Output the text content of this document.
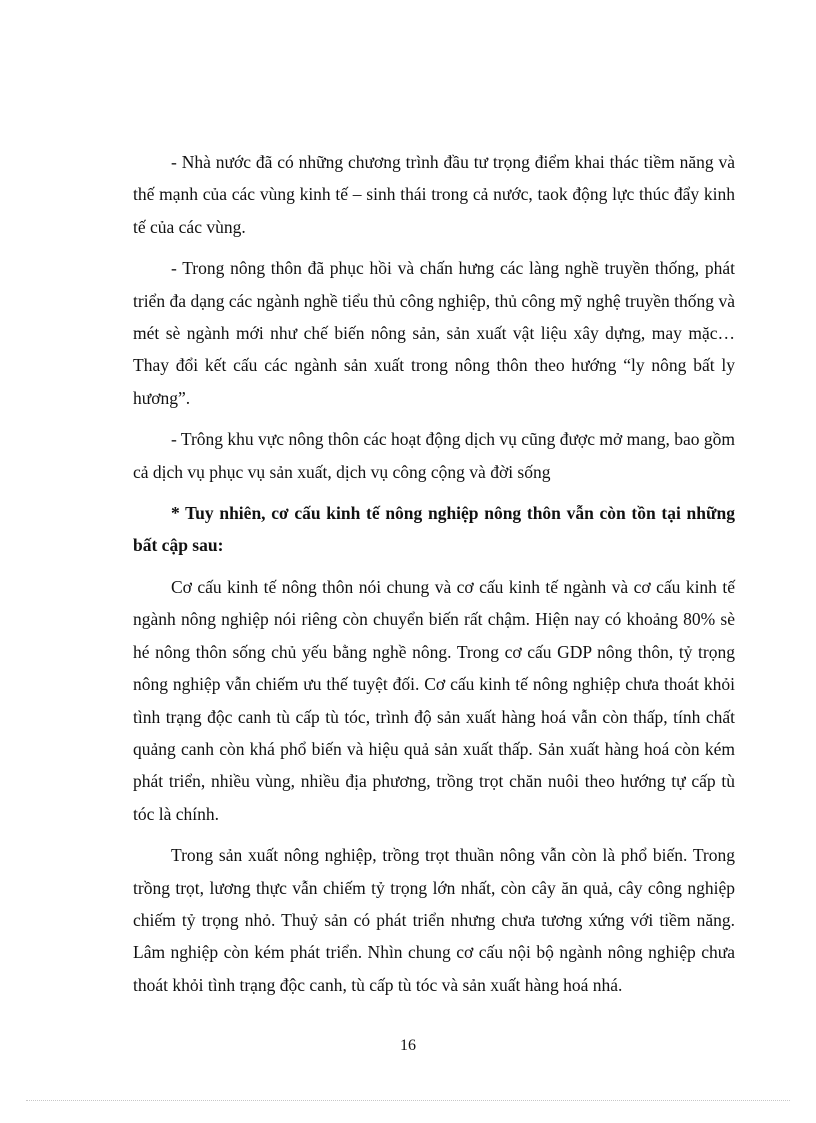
- Nhà nước đã có những chương trình đầu tư trọng điểm khai thác tiềm năng và thế mạnh của các vùng kinh tế – sinh thái trong cả nước, taok động lực thúc đẩy kinh tế của các vùng.

- Trong nông thôn đã phục hồi và chấn hưng các làng nghề truyền thống, phát triển đa dạng các ngành nghề tiểu thủ công nghiệp, thủ công mỹ nghệ truyền thống và mét sè ngành mới như chế biến nông sản, sản xuất vật liệu xây dựng, may mặc… Thay đổi kết cấu các ngành sản xuất trong nông thôn theo hướng “ly nông bất ly hương”.

- Trông khu vực nông thôn các hoạt động dịch vụ cũng được mở mang, bao gồm cả dịch vụ phục vụ sản xuất, dịch vụ công cộng và đời sống

* Tuy nhiên, cơ cấu kinh tế nông nghiệp nông thôn vẫn còn tồn tại những bất cập sau:

Cơ cấu kinh tế nông thôn nói chung và cơ cấu kinh tế ngành và cơ cấu kinh tế ngành nông nghiệp nói riêng còn chuyển biến rất chậm. Hiện nay có khoảng 80% sè hé nông thôn sống chủ yếu bằng nghề nông. Trong cơ cấu GDP nông thôn, tỷ trọng nông nghiệp vẫn chiếm ưu thế tuyệt đối. Cơ cấu kinh tế nông nghiệp chưa thoát khỏi tình trạng độc canh tù cấp tù tóc, trình độ sản xuất hàng hoá vẫn còn thấp, tính chất quảng canh còn khá phổ biến và hiệu quả sản xuất thấp. Sản xuất hàng hoá còn kém phát triển, nhiều vùng, nhiều địa phương, trồng trọt chăn nuôi theo hướng tự cấp tù tóc là chính.

Trong sản xuất nông nghiệp, trồng trọt thuần nông vẫn còn là phổ biến. Trong trồng trọt, lương thực vẫn chiếm tỷ trọng lớn nhất, còn cây ăn quả, cây công nghiệp chiếm tỷ trọng nhỏ. Thuỷ sản có phát triển nhưng chưa tương xứng với tiềm năng. Lâm nghiệp còn kém phát triển. Nhìn chung cơ cấu nội bộ ngành nông nghiệp chưa thoát khỏi tình trạng độc canh, tù cấp tù tóc và sản xuất hàng hoá nhá.

16
